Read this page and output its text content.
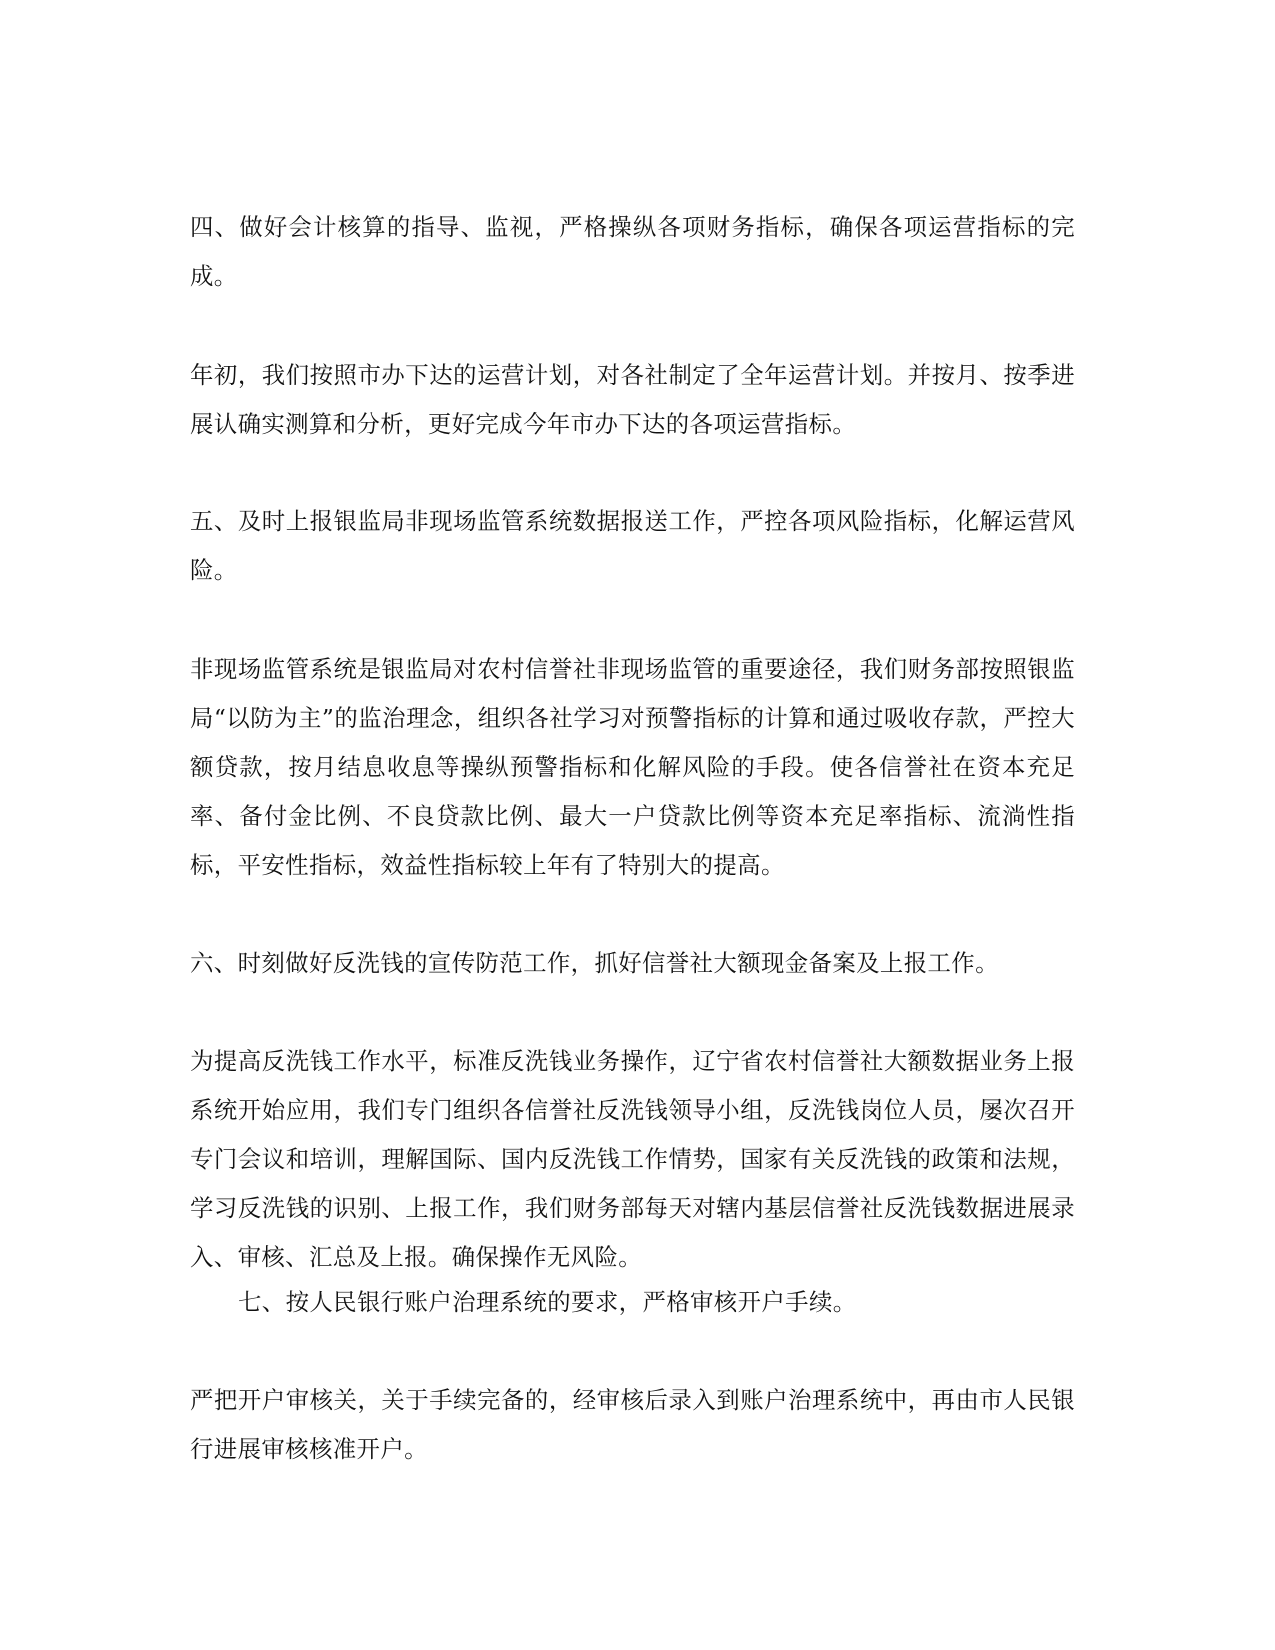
四、做好会计核算的指导、监视，严格操纵各项财务指标，确保各项运营指标的完成。

年初，我们按照市办下达的运营计划，对各社制定了全年运营计划。并按月、按季进展认确实测算和分析，更好完成今年市办下达的各项运营指标。

五、及时上报银监局非现场监管系统数据报送工作，严控各项风险指标，化解运营风险。

非现场监管系统是银监局对农村信誉社非现场监管的重要途径，我们财务部按照银监局“以防为主”的监治理念，组织各社学习对预警指标的计算和通过吸收存款，严控大额贷款，按月结息收息等操纵预警指标和化解风险的手段。使各信誉社在资本充足率、备付金比例、不良贷款比例、最大一户贷款比例等资本充足率指标、流淌性指标，平安性指标，效益性指标较上年有了特别大的提高。

六、时刻做好反洗钱的宣传防范工作，抓好信誉社大额现金备案及上报工作。

为提高反洗钱工作水平，标准反洗钱业务操作，辽宁省农村信誉社大额数据业务上报系统开始应用，我们专门组织各信誉社反洗钱领导小组，反洗钱岗位人员，屡次召开专门会议和培训，理解国际、国内反洗钱工作情势，国家有关反洗钱的政策和法规，学习反洗钱的识别、上报工作，我们财务部每天对辖内基层信誉社反洗钱数据进展录入、审核、汇总及上报。确保操作无风险。

七、按人民银行账户治理系统的要求，严格审核开户手续。

严把开户审核关，关于手续完备的，经审核后录入到账户治理系统中，再由市人民银行进展审核核准开户。
